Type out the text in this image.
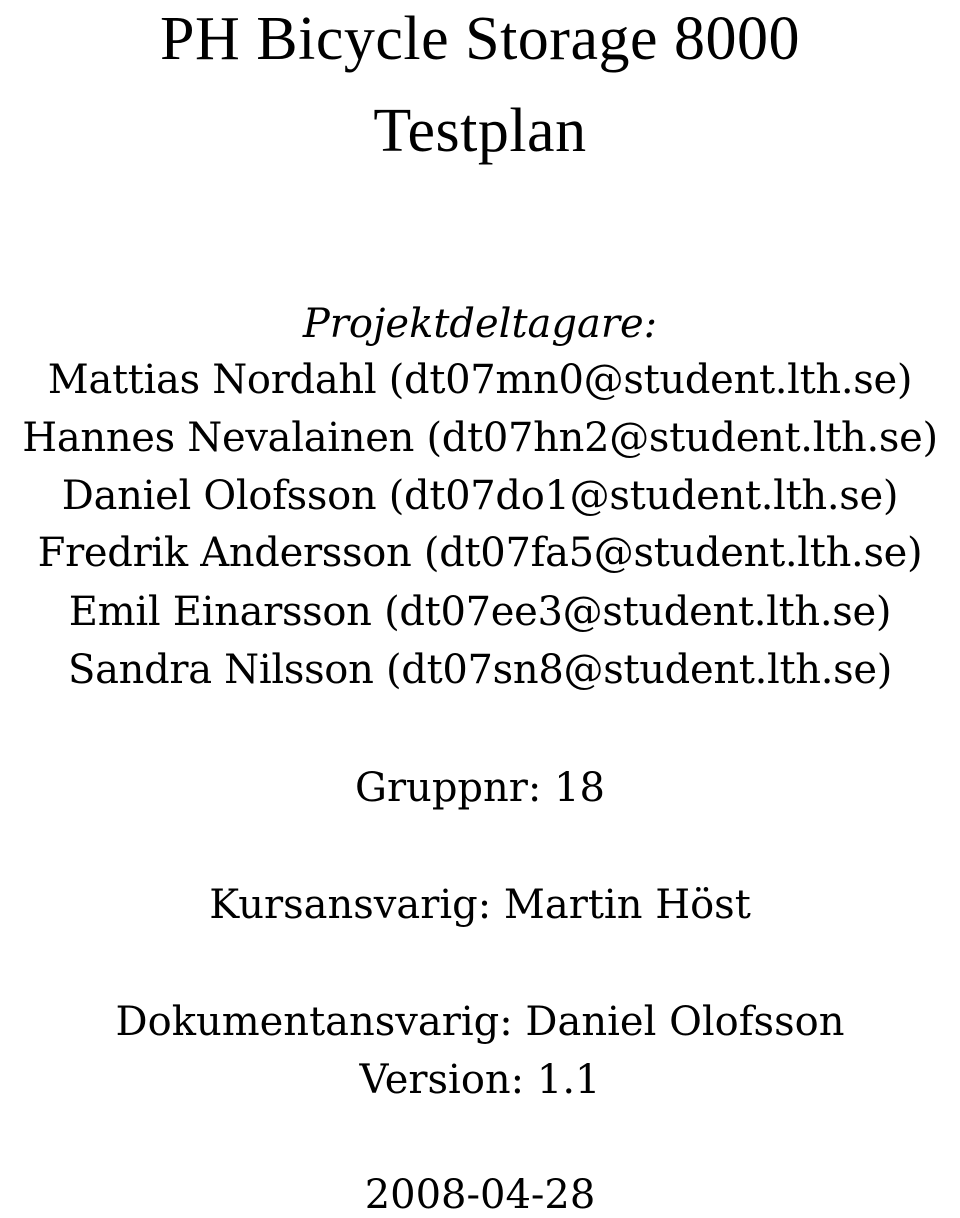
PH Bicycle Storage 8000
Testplan
Projektdeltagare:
Mattias Nordahl (dt07mn0@student.lth.se)
Hannes Nevalainen (dt07hn2@student.lth.se)
Daniel Olofsson (dt07do1@student.lth.se)
Fredrik Andersson (dt07fa5@student.lth.se)
Emil Einarsson (dt07ee3@student.lth.se)
Sandra Nilsson (dt07sn8@student.lth.se)
Gruppnr: 18
Kursansvarig: Martin Höst
Dokumentansvarig: Daniel Olofsson
Version: 1.1
2008-04-28
